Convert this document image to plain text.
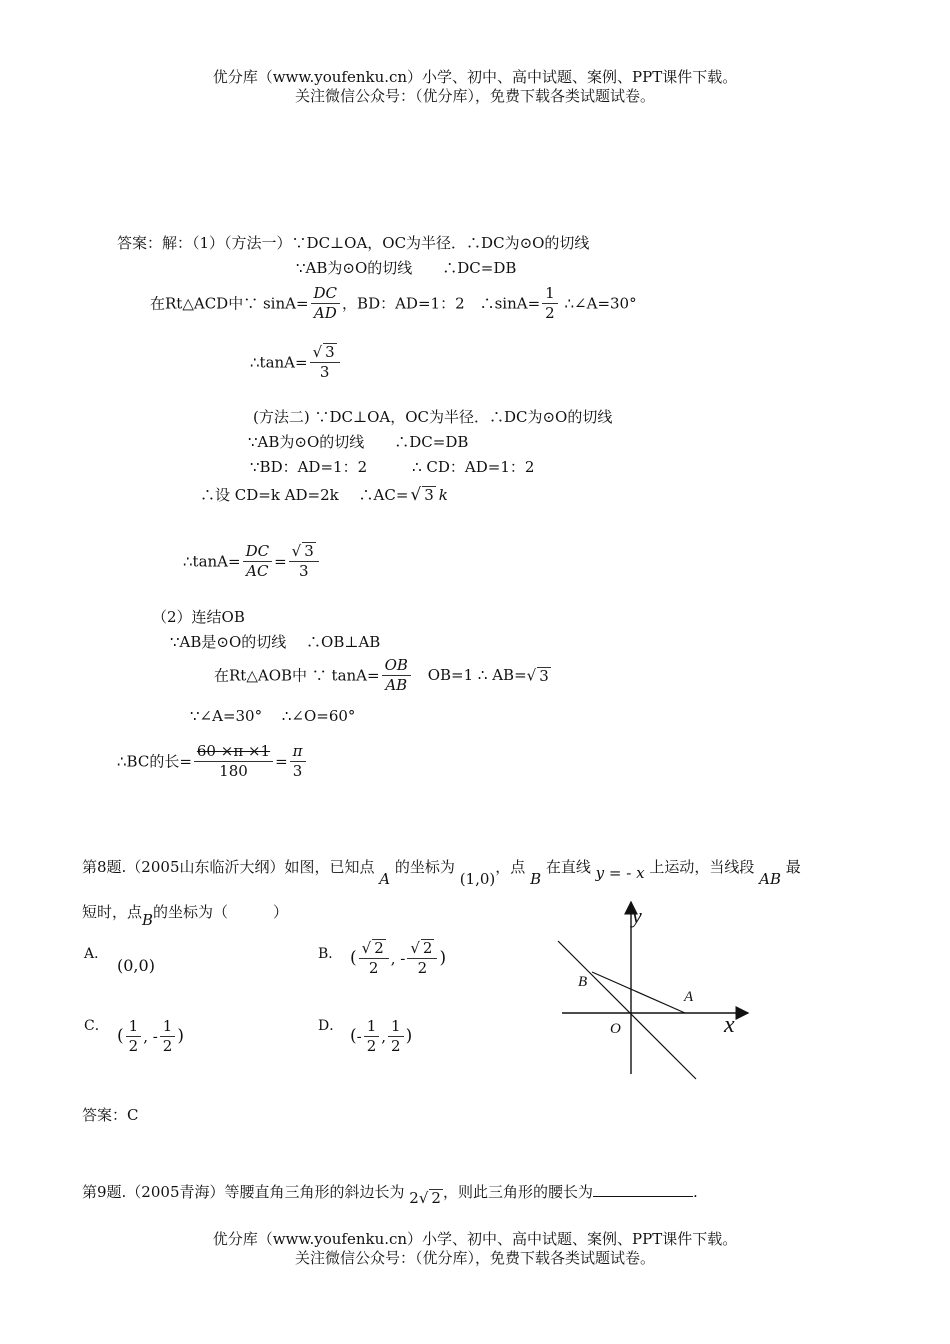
优分库（www.youfenku.cn）小学、初中、高中试题、案例、PPT课件下载。
关注微信公众号：（优分库），免费下载各类试题试卷。
答案：解：（1）（方法一）∵DC⊥OA，OC为半径．∴DC为⊙O的切线
∵AB为⊙O的切线　　∴DC=DB
在Rt△ACD中∵ $\sin A= \frac{DC}{AD}$ ，BD：AD=1：2　∴sinA= $\frac{1}{2}$ ∴∠A=30°
∴tanA= $\frac{√ 3}{3}$
(方法二) ∵DC⊥OA，OC为半径．∴DC为⊙O的切线
∵AB为⊙O的切线　　∴DC=DB
∵BD：AD=1：2　　　∴ CD：AD=1：2
∴设 CD=k AD=2k　 ∴AC= √ 3 k
∴tanA= $\frac{DC}{AC} = \frac{√ 3}{3}$
（2）连结OB
∵AB是⊙O的切线　 ∴OB⊥AB
在Rt△AOB中 ∵ $\tan A= \frac{OB}{AB} OB=1$ ∴ AB=√ 3
∵∠A=30°　 ∴∠O=60°
∴BC的长= $\frac{60 \times\pi \times 1}{180} = \frac{\pi}{3}$
第8题.（2005山东临沂大纲）如图，已知点 A 的坐标为 (1,0)，点 B 在直线 y = - x 上运动，当线段 AB 最
短时，点B的坐标为（　　　）
A．
(0,0)
B． ( $\frac{√ 2}{2}$ , - $\frac{√ 2}{2}$ )
C．
( $\frac{1}{2}$ , - $\frac{1}{2}$ )
D．
(- $\frac{1}{2}$ , $\frac{1}{2}$ )
y
x
B
A
O
答案：C
第9题.（2005青海）等腰直角三角形的斜边长为 2√ 2 ，则此三角形的腰长为	.
优分库（www.youfenku.cn）小学、初中、高中试题、案例、PPT课件下载。
关注微信公众号：（优分库），免费下载各类试题试卷。
